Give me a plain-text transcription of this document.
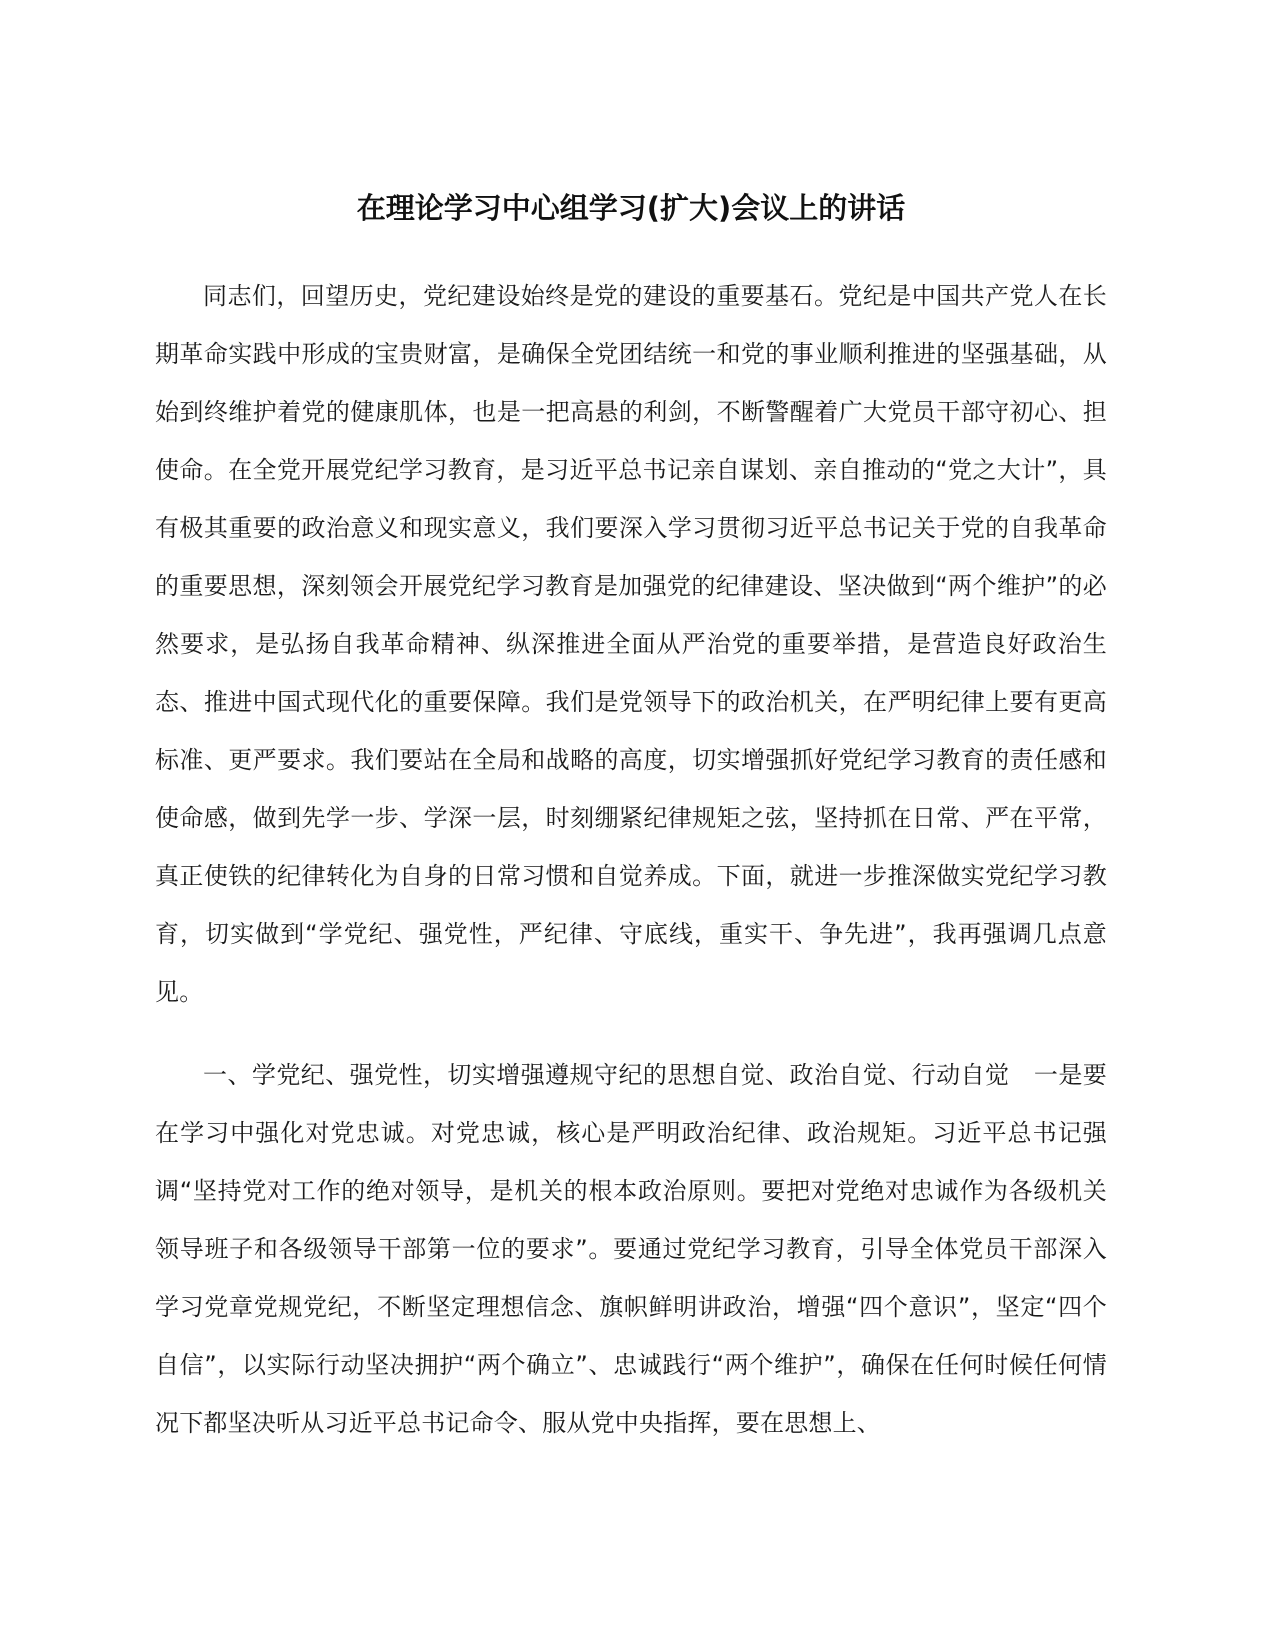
在理论学习中心组学习(扩大)会议上的讲话

同志们，回望历史，党纪建设始终是党的建设的重要基石。党纪是中国共产党人在长期革命实践中形成的宝贵财富，是确保全党团结统一和党的事业顺利推进的坚强基础，从始到终维护着党的健康肌体，也是一把高悬的利剑，不断警醒着广大党员干部守初心、担使命。在全党开展党纪学习教育，是习近平总书记亲自谋划、亲自推动的“党之大计”，具有极其重要的政治意义和现实意义，我们要深入学习贯彻习近平总书记关于党的自我革命的重要思想，深刻领会开展党纪学习教育是加强党的纪律建设、坚决做到“两个维护”的必然要求，是弘扬自我革命精神、纵深推进全面从严治党的重要举措，是营造良好政治生态、推进中国式现代化的重要保障。我们是党领导下的政治机关，在严明纪律上要有更高标准、更严要求。我们要站在全局和战略的高度，切实增强抓好党纪学习教育的责任感和使命感，做到先学一步、学深一层，时刻绷紧纪律规矩之弦，坚持抓在日常、严在平常，真正使铁的纪律转化为自身的日常习惯和自觉养成。下面，就进一步推深做实党纪学习教育，切实做到“学党纪、强党性，严纪律、守底线，重实干、争先进”，我再强调几点意见。

一、学党纪、强党性，切实增强遵规守纪的思想自觉、政治自觉、行动自觉　一是要在学习中强化对党忠诚。对党忠诚，核心是严明政治纪律、政治规矩。习近平总书记强调“坚持党对工作的绝对领导，是机关的根本政治原则。要把对党绝对忠诚作为各级机关领导班子和各级领导干部第一位的要求”。要通过党纪学习教育，引导全体党员干部深入学习党章党规党纪，不断坚定理想信念、旗帜鲜明讲政治，增强“四个意识”，坚定“四个自信”，以实际行动坚决拥护“两个确立”、忠诚践行“两个维护”，确保在任何时候任何情况下都坚决听从习近平总书记命令、服从党中央指挥，要在思想上、
